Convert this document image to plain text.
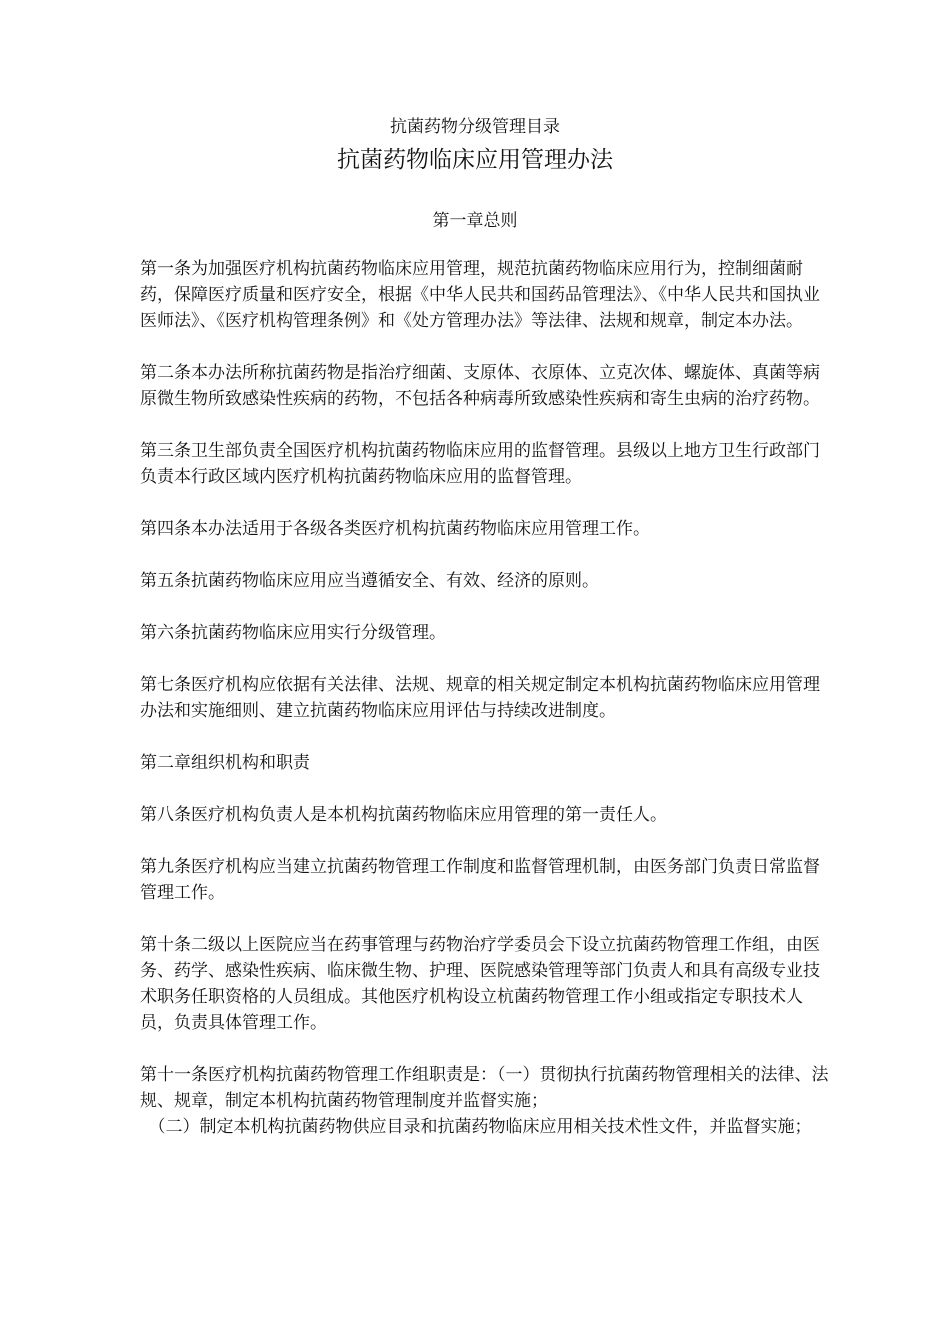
抗菌药物分级管理目录

抗菌药物临床应用管理办法
第一章总则

第一条为加强医疗机构抗菌药物临床应用管理，规范抗菌药物临床应用行为，控制细菌耐药，保障医疗质量和医疗安全，根据《中华人民共和国药品管理法》、《中华人民共和国执业医师法》、《医疗机构管理条例》和《处方管理办法》等法律、法规和规章，制定本办法。

第二条本办法所称抗菌药物是指治疗细菌、支原体、衣原体、立克次体、螺旋体、真菌等病原微生物所致感染性疾病的药物，不包括各种病毒所致感染性疾病和寄生虫病的治疗药物。

第三条卫生部负责全国医疗机构抗菌药物临床应用的监督管理。县级以上地方卫生行政部门负责本行政区域内医疗机构抗菌药物临床应用的监督管理。

第四条本办法适用于各级各类医疗机构抗菌药物临床应用管理工作。

第五条抗菌药物临床应用应当遵循安全、有效、经济的原则。

第六条抗菌药物临床应用实行分级管理。

第七条医疗机构应依据有关法律、法规、规章的相关规定制定本机构抗菌药物临床应用管理办法和实施细则、建立抗菌药物临床应用评估与持续改进制度。

第二章组织机构和职责

第八条医疗机构负责人是本机构抗菌药物临床应用管理的第一责任人。

第九条医疗机构应当建立抗菌药物管理工作制度和监督管理机制，由医务部门负责日常监督管理工作。

第十条二级以上医院应当在药事管理与药物治疗学委员会下设立抗菌药物管理工作组，由医务、药学、感染性疾病、临床微生物、护理、医院感染管理等部门负责人和具有高级专业技术职务任职资格的人员组成。其他医疗机构设立杭菌药物管理工作小组或指定专职技术人员，负责具体管理工作。

第十一条医疗机构抗菌药物管理工作组职责是：（一）贯彻执行抗菌药物管理相关的法律、法规、规章，制定本机构抗菌药物管理制度并监督实施；

（二）制定本机构抗菌药物供应目录和抗菌药物临床应用相关技术性文件，并监督实施；
